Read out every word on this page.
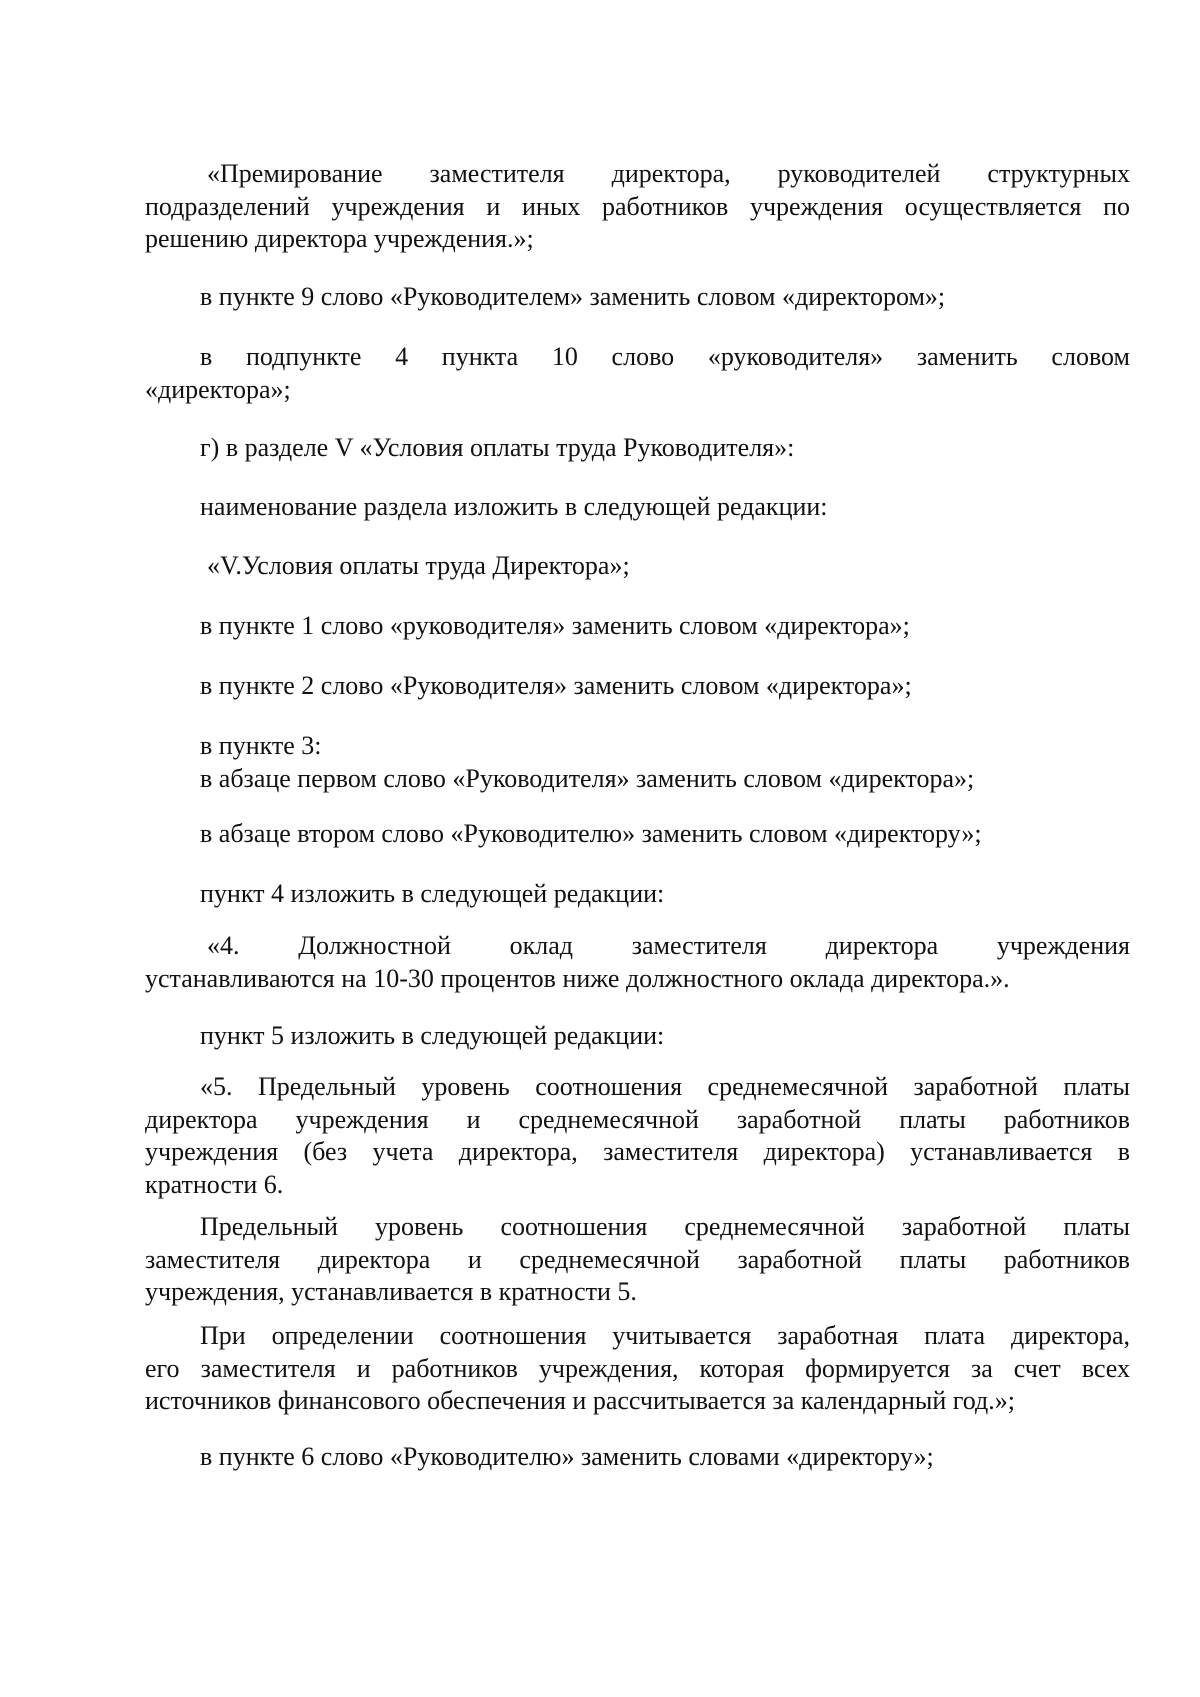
«Премирование заместителя директора, руководителей структурных
подразделений учреждения и иных работников учреждения осуществляется по
решению директора учреждения.»;

в пункте 9 слово «Руководителем» заменить словом «директором»;

в подпункте 4 пункта 10 слово «руководителя» заменить словом
«директора»;

г) в разделе V «Условия оплаты труда Руководителя»:

наименование раздела изложить в следующей редакции:

«V.Условия оплаты труда Директора»;

в пункте 1 слово «руководителя» заменить словом «директора»;

в пункте 2 слово «Руководителя» заменить словом «директора»;

в пункте 3:
в абзаце первом слово «Руководителя» заменить словом «директора»;

в абзаце втором слово «Руководителю» заменить словом «директору»;

пункт 4 изложить в следующей редакции:

«4. Должностной оклад заместителя директора учреждения
устанавливаются на 10-30 процентов ниже должностного оклада директора.».

пункт 5 изложить в следующей редакции:

«5. Предельный уровень соотношения среднемесячной заработной платы
директора учреждения и среднемесячной заработной платы работников
учреждения (без учета директора, заместителя директора) устанавливается в
кратности 6.

Предельный уровень соотношения среднемесячной заработной платы
заместителя директора и среднемесячной заработной платы работников
учреждения, устанавливается в кратности 5.

При определении соотношения учитывается заработная плата директора,
его заместителя и работников учреждения, которая формируется за счет всех
источников финансового обеспечения и рассчитывается за календарный год.»;

в пункте 6 слово «Руководителю» заменить словами «директору»;
